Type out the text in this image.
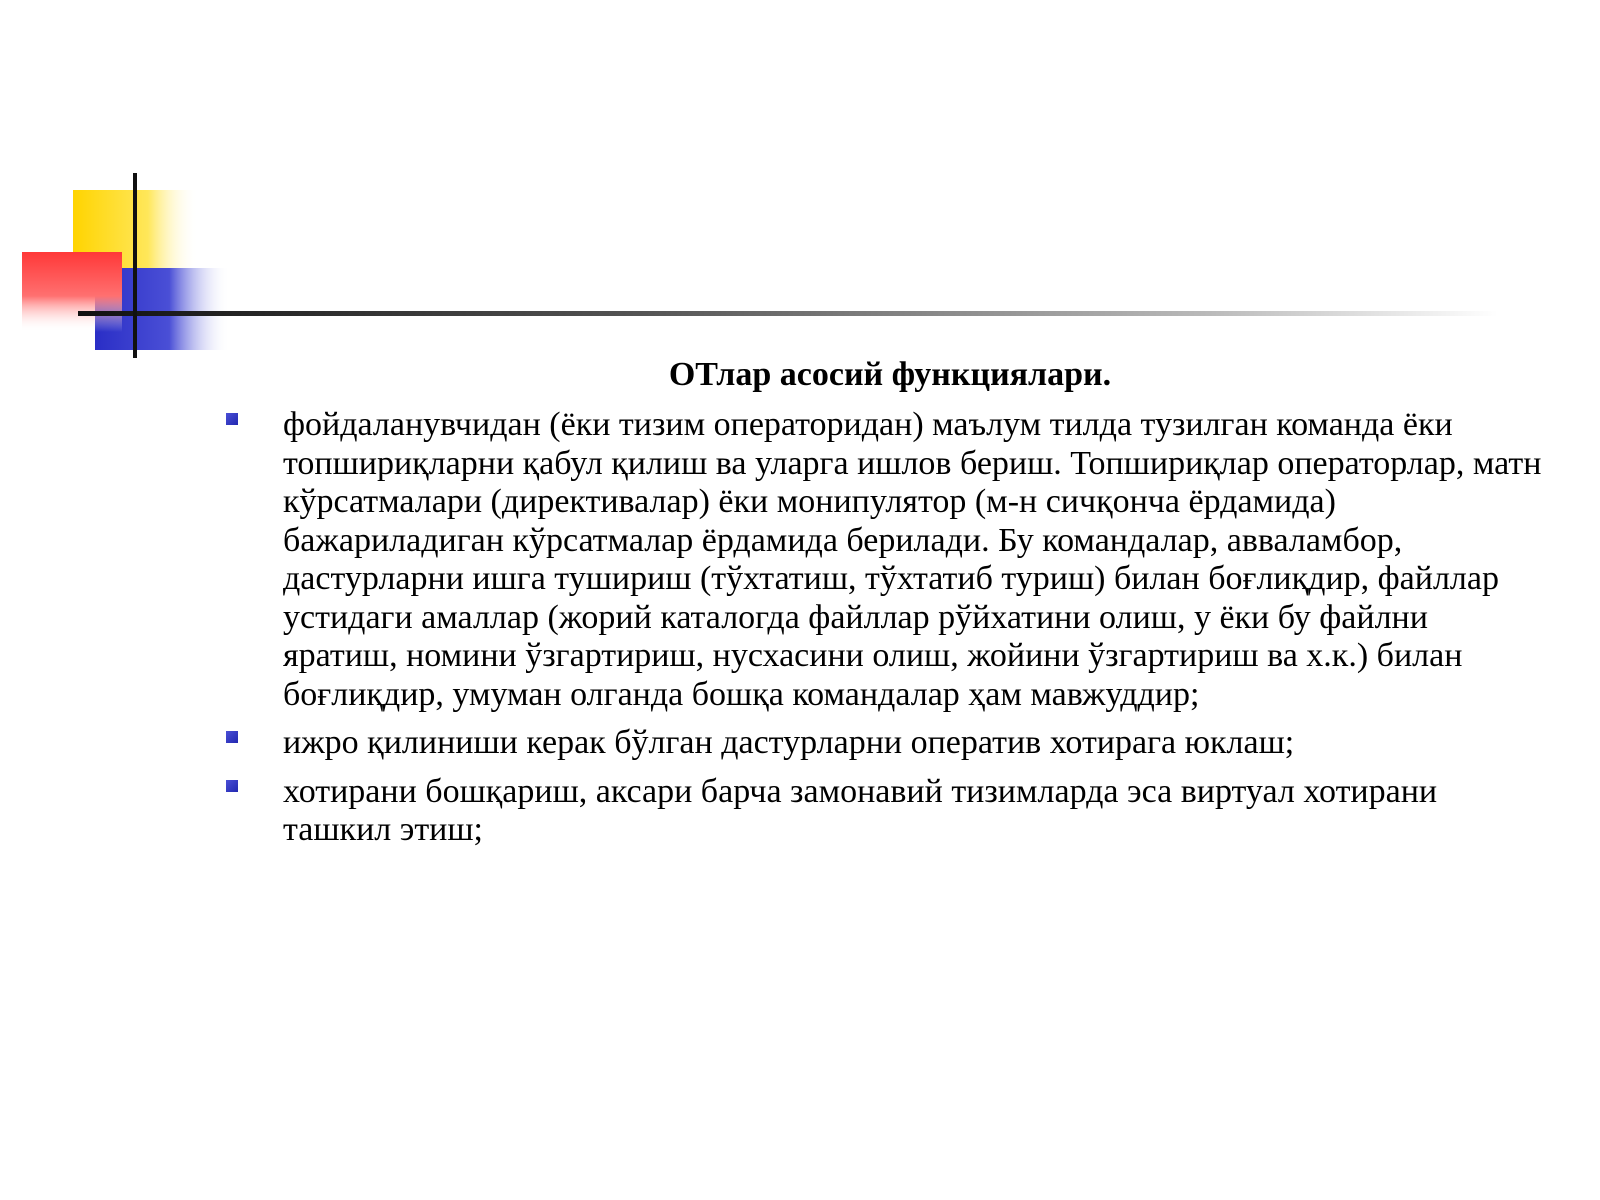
ОТлар асосий функциялари.
фойдаланувчидан (ёки тизим операторидан) маълум тилда тузилган команда ёки топшириқларни қабул қилиш ва уларга ишлов бериш. Топшириқлар операторлар, матн кўрсатмалари (директивалар) ёки монипулятор (м-н сичқонча ёрдамида) бажариладиган кўрсатмалар ёрдамида берилади. Бу командалар, аввалaмбор, дастурларни ишга тушириш (тўхтатиш, тўхтатиб туриш) билан боғлиқдир, файллар устидаги амаллар (жорий каталогда файллар рўйхатини олиш, у ёки бу файлни яратиш, номини ўзгартириш, нусхасини олиш, жойини ўзгартириш ва х.к.) билан боғлиқдир, умуман олганда бошқа командалар ҳам мавжуддир;
ижро қилиниши керак бўлган дастурларни оператив хотирага юклаш;
хотирани бошқариш, аксари барча замонавий тизимларда эса виртуал хотирани ташкил этиш;
